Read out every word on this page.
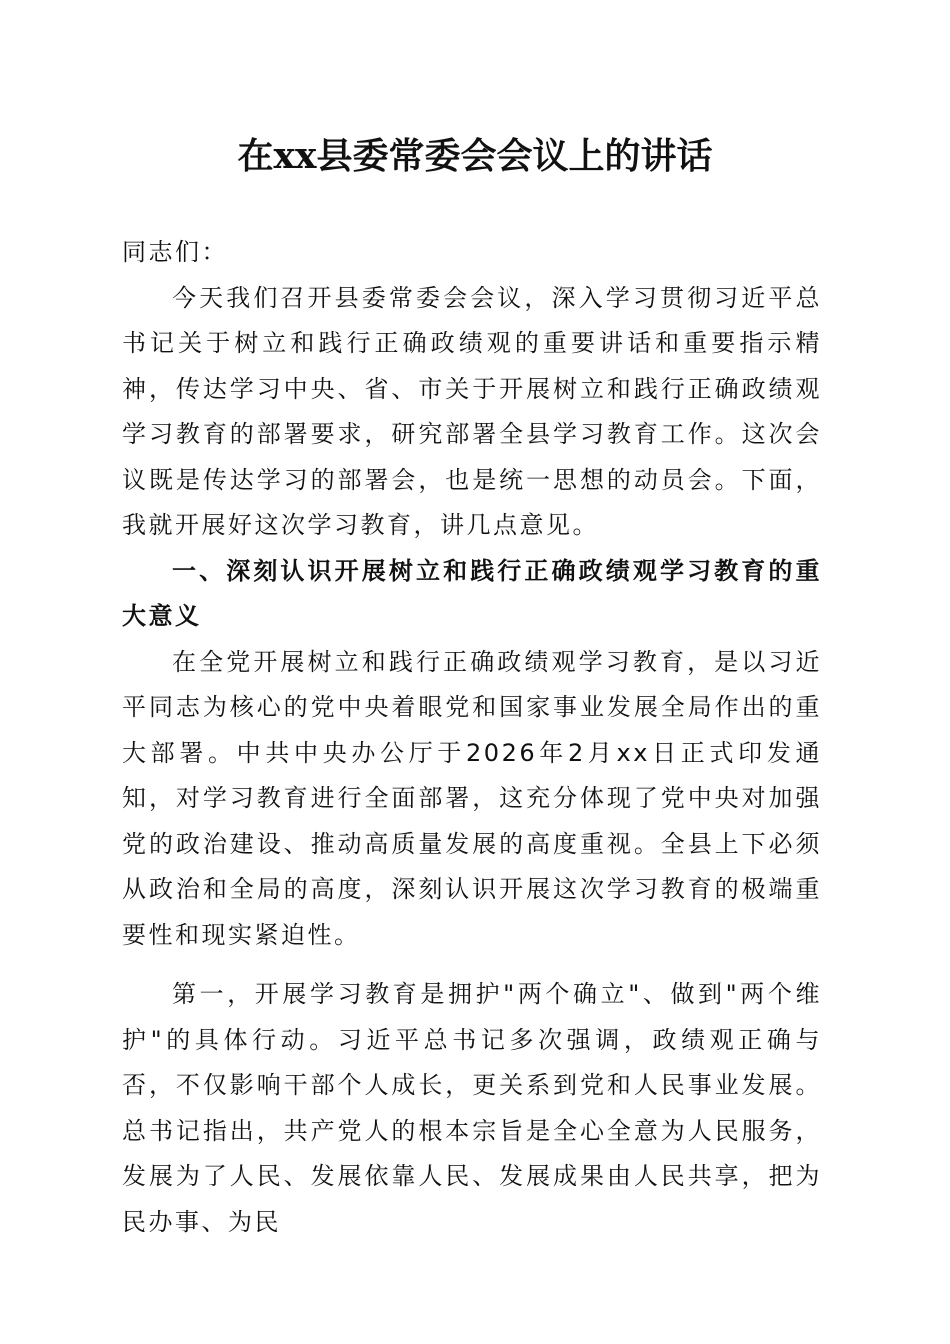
在xx县委常委会会议上的讲话

同志们：

今天我们召开县委常委会会议，深入学习贯彻习近平总书记关于树立和践行正确政绩观的重要讲话和重要指示精神，传达学习中央、省、市关于开展树立和践行正确政绩观学习教育的部署要求，研究部署全县学习教育工作。这次会议既是传达学习的部署会，也是统一思想的动员会。下面，我就开展好这次学习教育，讲几点意见。

一、深刻认识开展树立和践行正确政绩观学习教育的重大意义

在全党开展树立和践行正确政绩观学习教育，是以习近平同志为核心的党中央着眼党和国家事业发展全局作出的重大部署。中共中央办公厅于2026年2月xx日正式印发通知，对学习教育进行全面部署，这充分体现了党中央对加强党的政治建设、推动高质量发展的高度重视。全县上下必须从政治和全局的高度，深刻认识开展这次学习教育的极端重要性和现实紧迫性。

第一，开展学习教育是拥护"两个确立"、做到"两个维护"的具体行动。习近平总书记多次强调，政绩观正确与否，不仅影响干部个人成长，更关系到党和人民事业发展。总书记指出，共产党人的根本宗旨是全心全意为人民服务，发展为了人民、发展依靠人民、发展成果由人民共享，把为民办事、为民
